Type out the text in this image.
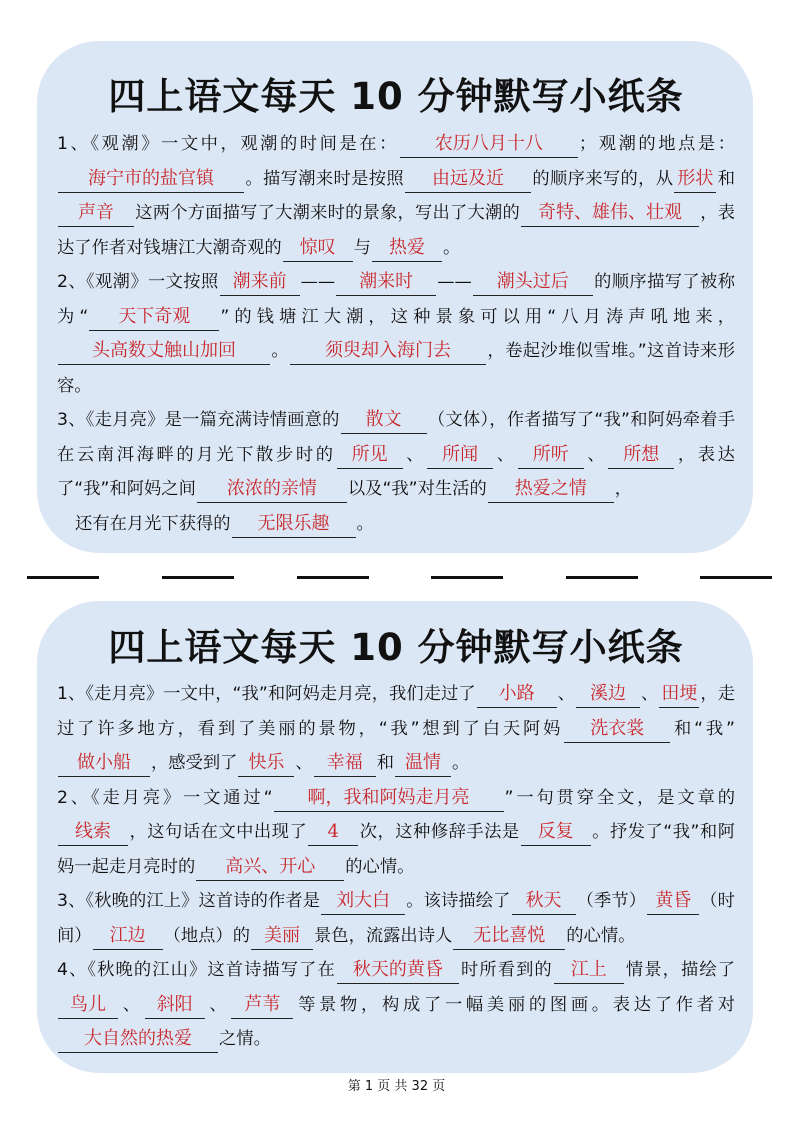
四上语文每天 10 分钟默写小纸条

1、《观潮》一文中，观潮的时间是在： 农历八月十八 ；观潮的地点是：海宁市的盐官镇 。描写潮来时是按照 由远及近 的顺序来写的，从 形状 和声音 这两个方面描写了大潮来时的景象，写出了大潮的 奇特、雄伟、壮观 ，表达了作者对钱塘江大潮奇观的 惊叹 与 热爱 。

2、《观潮》一文按照 潮来前 —— 潮来时 —— 潮头过后 的顺序描写了被称为“ 天下奇观 ”的钱塘江大潮，这种景象可以用“八月涛声吼地来，头高数丈触山加回 。 须臾却入海门去 ，卷起沙堆似雪堆。”这首诗来形容。

3、《走月亮》是一篇充满诗情画意的 散文 （文体），作者描写了“我”和阿妈牵着手在云南洱海畔的月光下散步时的 所见 、 所闻 、 所听 、 所想 ，表达了“我”和阿妈之间 浓浓的亲情 以及“我”对生活的 热爱之情 ，

还有在月光下获得的 无限乐趣 。

四上语文每天 10 分钟默写小纸条

1、《走月亮》一文中，“我”和阿妈走月亮，我们走过了 小路 、 溪边 、 田埂 ，走过了许多地方，看到了美丽的景物，“我”想到了白天阿妈 洗衣裳 和“我”做小船 ，感受到了 快乐 、 幸福 和 温情 。

2、《走月亮》一文通过“ 啊，我和阿妈走月亮 ”一句贯穿全文，是文章的线索 ，这句话在文中出现了 4 次，这种修辞手法是 反复 。抒发了“我”和阿妈一起走月亮时的 高兴、开心 的心情。

3、《秋晚的江上》这首诗的作者是 刘大白 。该诗描绘了 秋天 （季节） 黄昏 （时间） 江边 （地点）的 美丽 景色，流露出诗人 无比喜悦 的心情。

4、《秋晚的江山》这首诗描写了在 秋天的黄昏 时所看到的 江上 情景，描绘了鸟儿 、 斜阳 、 芦苇 等景物，构成了一幅美丽的图画。表达了作者对大自然的热爱 之情。

第 1 页 共 32 页
